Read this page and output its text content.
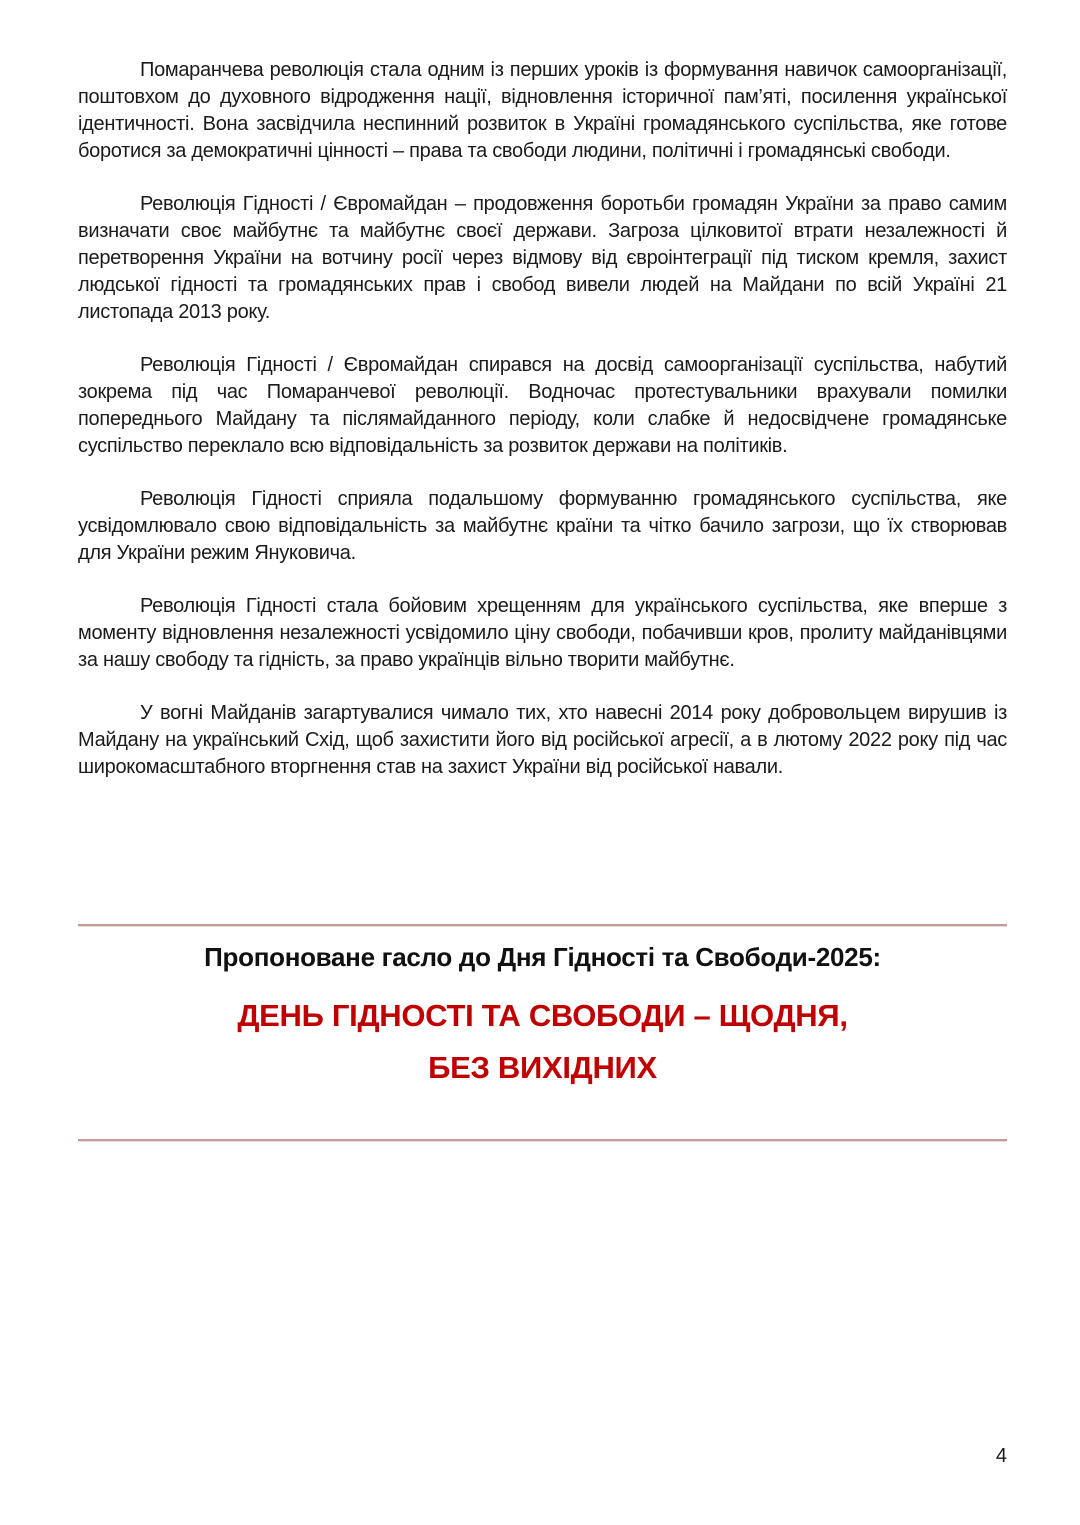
Помаранчева революція стала одним із перших уроків із формування навичок самоорганізації, поштовхом до духовного відродження нації, відновлення історичної пам’яті, посилення української ідентичності. Вона засвідчила неспинний розвиток в Україні громадянського суспільства, яке готове боротися за демократичні цінності – права та свободи людини, політичні і громадянські свободи.

Революція Гідності / Євромайдан – продовження боротьби громадян України за право самим визначати своє майбутнє та майбутнє своєї держави. Загроза цілковитої втрати незалежності й перетворення України на вотчину росії через відмову від євроінтеграції під тиском кремля, захист людської гідності та громадянських прав і свобод вивели людей на Майдани по всій Україні 21 листопада 2013 року.

Революція Гідності / Євромайдан спирався на досвід самоорганізації суспільства, набутий зокрема під час Помаранчевої революції. Водночас протестувальники врахували помилки попереднього Майдану та післямайданного періоду, коли слабке й недосвідчене громадянське суспільство переклало всю відповідальність за розвиток держави на політиків.

Революція Гідності сприяла подальшому формуванню громадянського суспільства, яке усвідомлювало свою відповідальність за майбутнє країни та чітко бачило загрози, що їх створював для України режим Януковича.

Революція Гідності стала бойовим хрещенням для українського суспільства, яке вперше з моменту відновлення незалежності усвідомило ціну свободи, побачивши кров, пролиту майданівцями за нашу свободу та гідність, за право українців вільно творити майбутнє.

У вогні Майданів загартувалися чимало тих, хто навесні 2014 року добровольцем вирушив із Майдану на український Схід, щоб захистити його від російської агресії, а в лютому 2022 року під час широкомасштабного вторгнення став на захист України від російської навали.

Пропоноване гасло до Дня Гідності та Свободи-2025:
ДЕНЬ ГІДНОСТІ ТА СВОБОДИ – ЩОДНЯ,
БЕЗ ВИХІДНИХ
4
